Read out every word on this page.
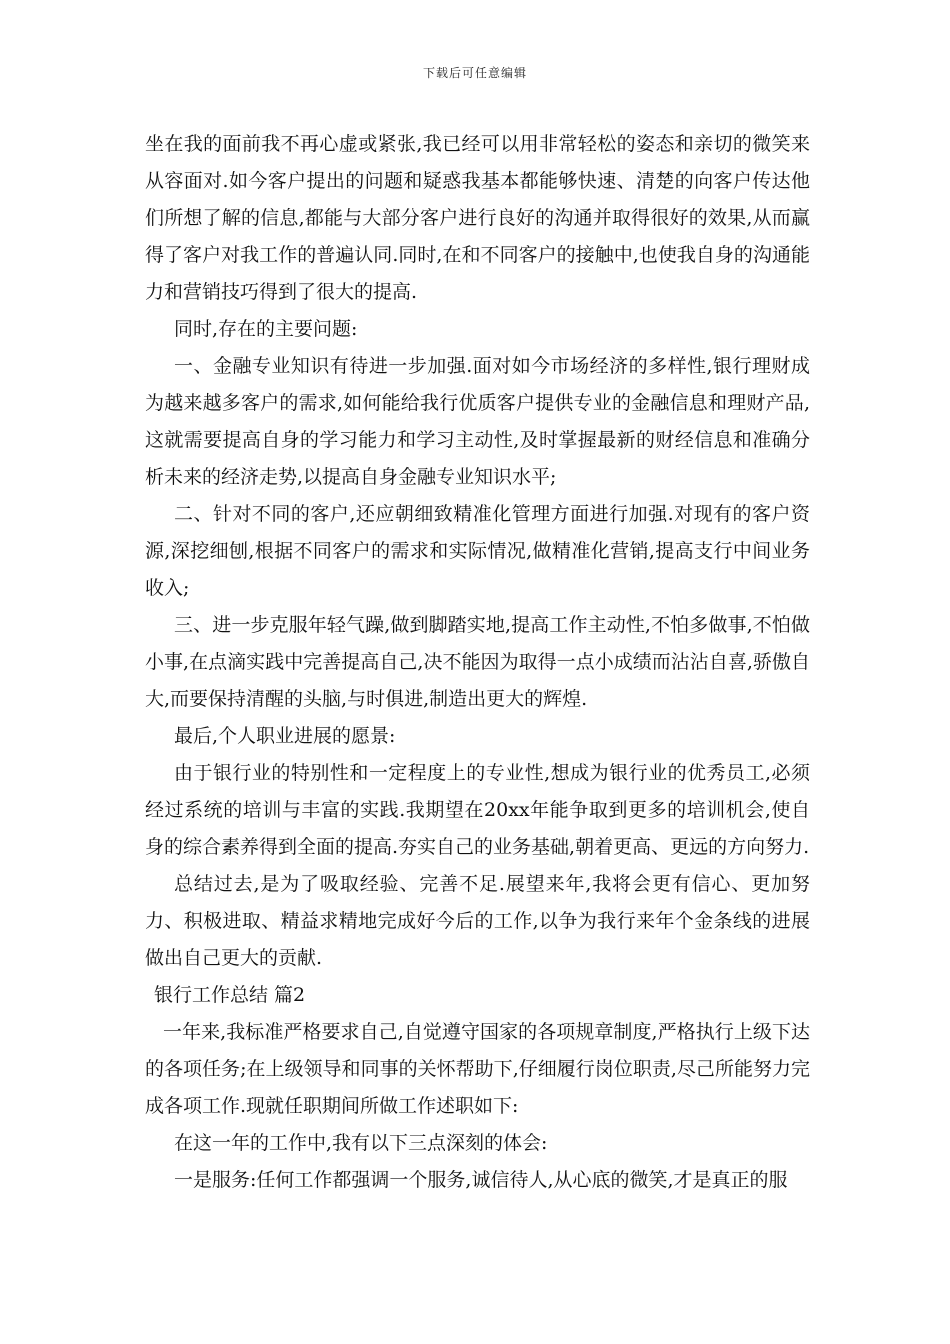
下载后可任意编辑

坐在我的面前我不再心虚或紧张,我已经可以用非常轻松的姿态和亲切的微笑来从容面对.如今客户提出的问题和疑惑我基本都能够快速、清楚的向客户传达他们所想了解的信息,都能与大部分客户进行良好的沟通并取得很好的效果,从而赢得了客户对我工作的普遍认同.同时,在和不同客户的接触中,也使我自身的沟通能力和营销技巧得到了很大的提高.

同时,存在的主要问题:

一、金融专业知识有待进一步加强.面对如今市场经济的多样性,银行理财成为越来越多客户的需求,如何能给我行优质客户提供专业的金融信息和理财产品,这就需要提高自身的学习能力和学习主动性,及时掌握最新的财经信息和准确分析未来的经济走势,以提高自身金融专业知识水平;

二、针对不同的客户,还应朝细致精准化管理方面进行加强.对现有的客户资源,深挖细刨,根据不同客户的需求和实际情况,做精准化营销,提高支行中间业务收入;

三、进一步克服年轻气躁,做到脚踏实地,提高工作主动性,不怕多做事,不怕做小事,在点滴实践中完善提高自己,决不能因为取得一点小成绩而沾沾自喜,骄傲自大,而要保持清醒的头脑,与时俱进,制造出更大的辉煌.

最后,个人职业进展的愿景:

由于银行业的特别性和一定程度上的专业性,想成为银行业的优秀员工,必须经过系统的培训与丰富的实践.我期望在20xx年能争取到更多的培训机会,使自身的综合素养得到全面的提高.夯实自己的业务基础,朝着更高、更远的方向努力.

总结过去,是为了吸取经验、完善不足.展望来年,我将会更有信心、更加努力、积极进取、精益求精地完成好今后的工作,以争为我行来年个金条线的进展做出自己更大的贡献.

银行工作总结 篇2

一年来,我标准严格要求自己,自觉遵守国家的各项规章制度,严格执行上级下达的各项任务;在上级领导和同事的关怀帮助下,仔细履行岗位职责,尽己所能努力完成各项工作.现就任职期间所做工作述职如下:

在这一年的工作中,我有以下三点深刻的体会:

一是服务:任何工作都强调一个服务,诚信待人,从心底的微笑,才是真正的服
